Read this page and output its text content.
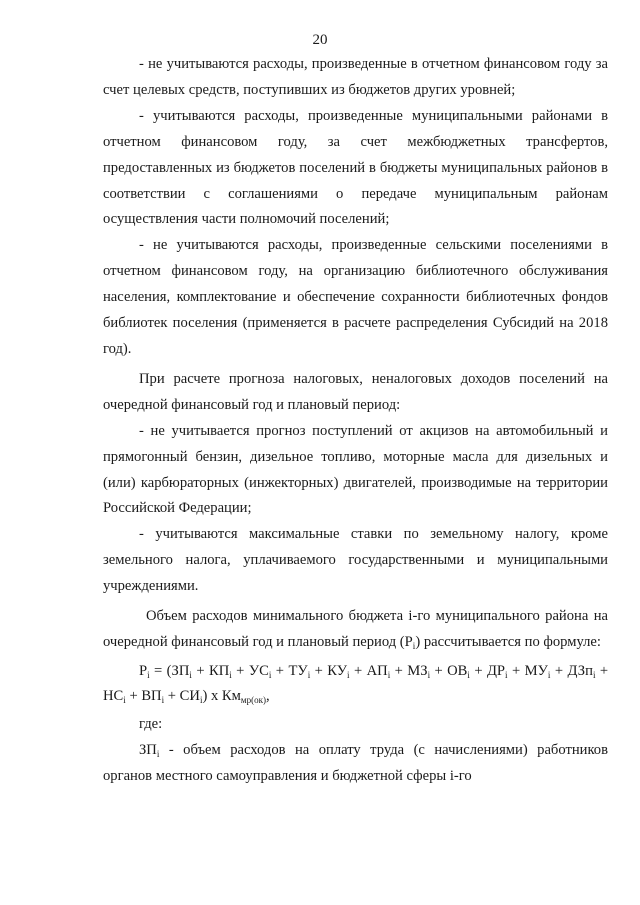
20

- не учитываются расходы, произведенные в отчетном финансовом году за счет целевых средств, поступивших из бюджетов других уровней;

- учитываются расходы, произведенные муниципальными районами в отчетном финансовом году, за счет межбюджетных трансфертов, предоставленных из бюджетов поселений в бюджеты муниципальных районов в соответствии с соглашениями о передаче муниципальным районам осуществления части полномочий поселений;

- не учитываются расходы, произведенные сельскими поселениями в отчетном финансовом году, на организацию библиотечного обслуживания населения, комплектование и обеспечение сохранности библиотечных фондов библиотек поселения (применяется в расчете распределения Субсидий на 2018 год).

При расчете прогноза налоговых, неналоговых доходов поселений на очередной финансовый год и плановый период:

- не учитывается прогноз поступлений от акцизов на автомобильный и прямогонный бензин, дизельное топливо, моторные масла для дизельных и (или) карбюраторных (инжекторных) двигателей, производимые на территории Российской Федерации;

- учитываются максимальные ставки по земельному налогу, кроме земельного налога, уплачиваемого государственными и муниципальными учреждениями.

Объем расходов минимального бюджета i-го муниципального района на очередной финансовый год и плановый период $(P_i)$ рассчитывается по формуле:

$P_i = (ЗП_i + КП_i + УС_i + ТУ_i + КУ_i + АП_i + МЗ_i + ОВ_i + ДР_i + МУ_i + ДЗп_i + НС_i + ВП_i + СИ_i)$ x $Км_{мр(ок)}$,

где:

$ЗП_i$ - объем расходов на оплату труда (с начислениями) работников органов местного самоуправления и бюджетной сферы i-го
